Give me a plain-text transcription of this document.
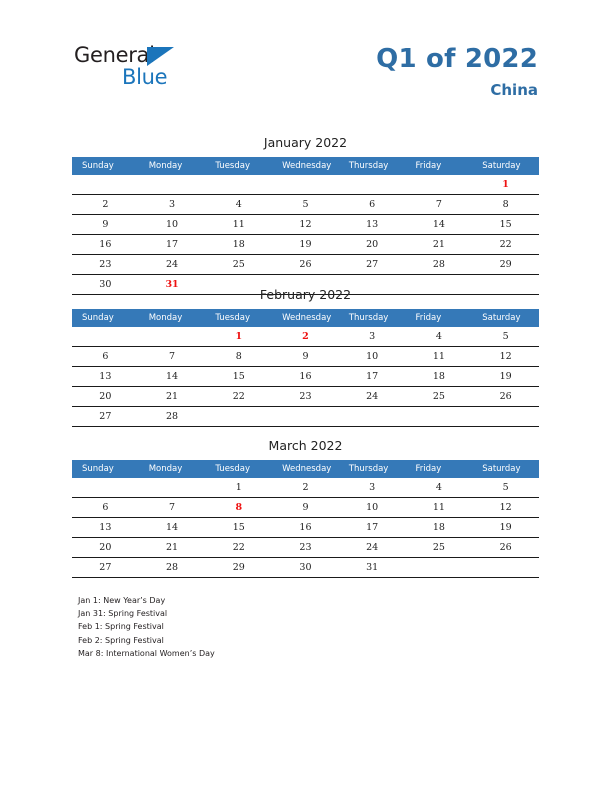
General
Blue
Q1 of 2022
China
January 2022
Sunday	Monday	Tuesday	Wednesday	Thursday	Friday	Saturday
						1
2	3	4	5	6	7	8
9	10	11	12	13	14	15
16	17	18	19	20	21	22
23	24	25	26	27	28	29
30	31					
February 2022
Sunday	Monday	Tuesday	Wednesday	Thursday	Friday	Saturday
		1	2	3	4	5
6	7	8	9	10	11	12
13	14	15	16	17	18	19
20	21	22	23	24	25	26
27	28					
March 2022
Sunday	Monday	Tuesday	Wednesday	Thursday	Friday	Saturday
		1	2	3	4	5
6	7	8	9	10	11	12
13	14	15	16	17	18	19
20	21	22	23	24	25	26
27	28	29	30	31		
Jan 1: New Year’s Day
Jan 31: Spring Festival
Feb 1: Spring Festival
Feb 2: Spring Festival
Mar 8: International Women’s Day
